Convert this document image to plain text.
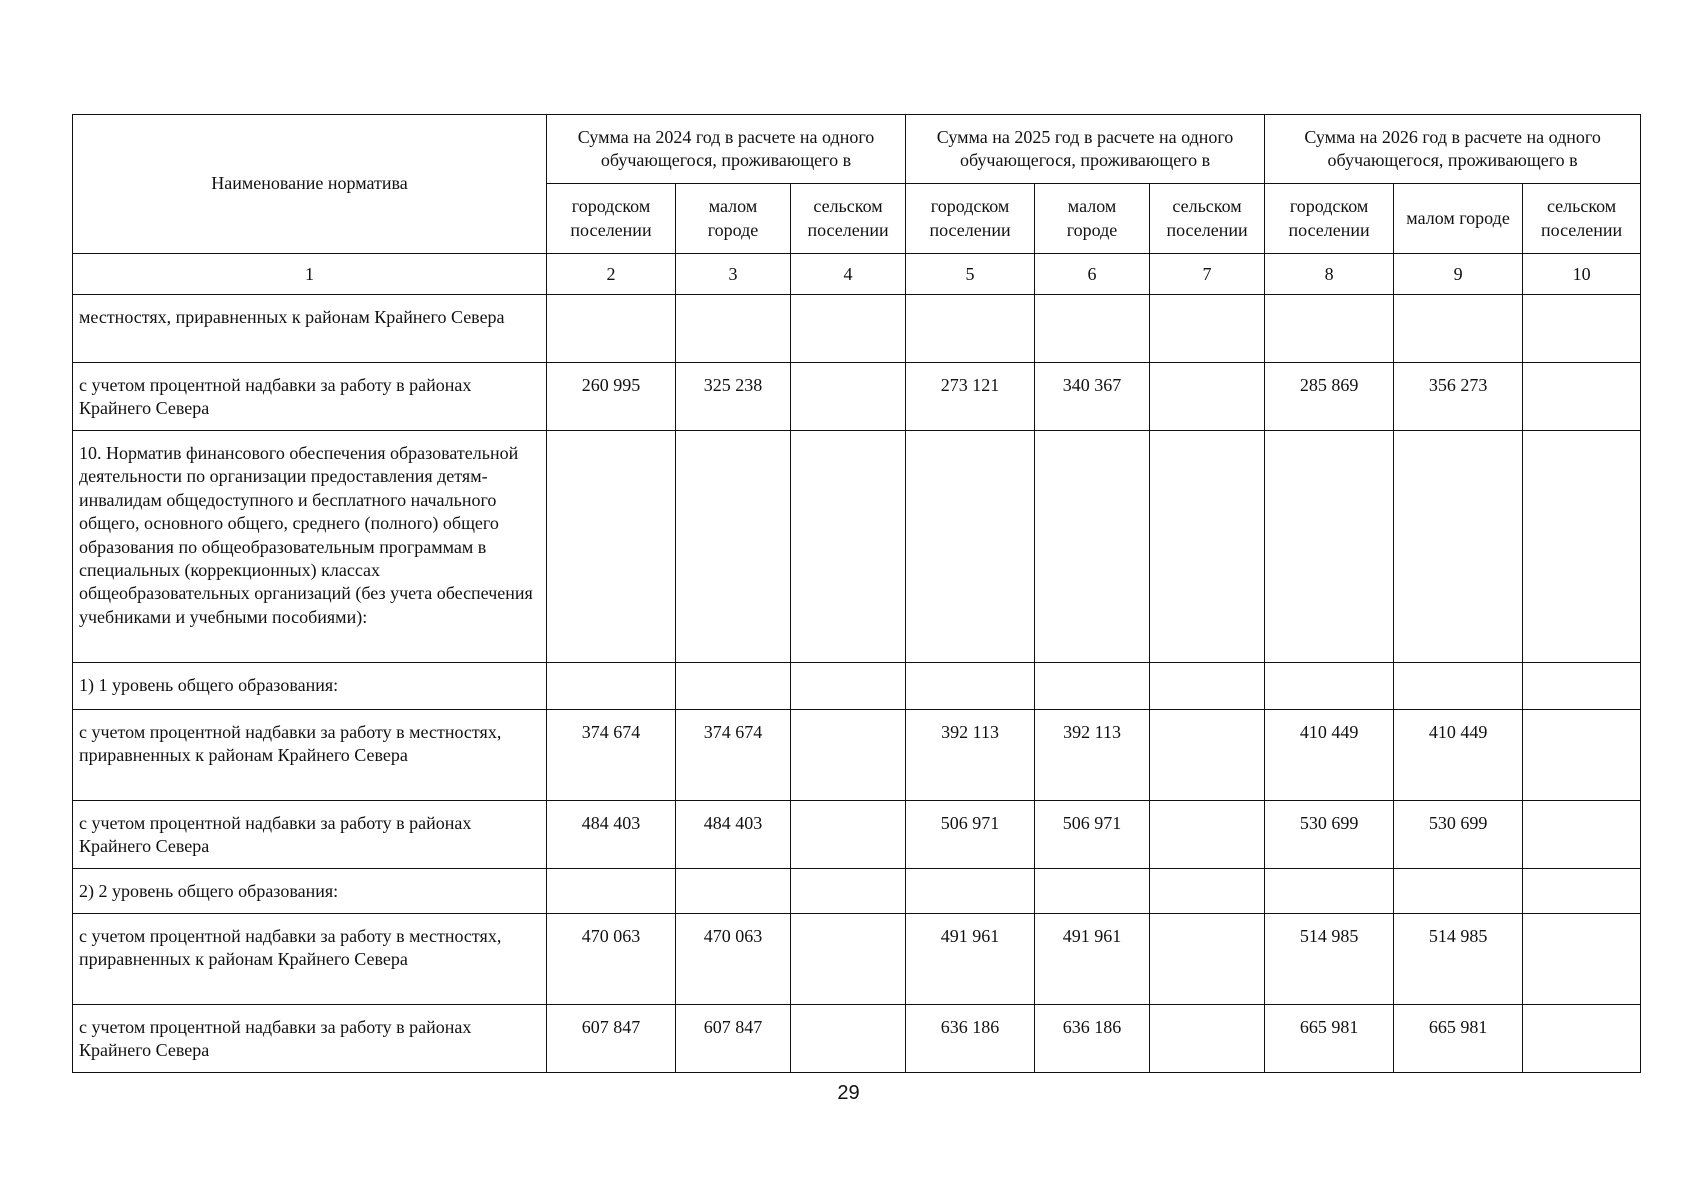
Наименование норматива	Сумма на 2024 год в расчете на одного обучающегося, проживающего в			Сумма на 2025 год в расчете на одного обучающегося, проживающего в			Сумма на 2026 год в расчете на одного обучающегося, проживающего в		
	городском поселении	малом городе	сельском поселении	городском поселении	малом городе	сельском поселении	городском поселении	малом городе	сельском поселении
1	2	3	4	5	6	7	8	9	10
местностях, приравненных к районам Крайнего Севера									
с учетом процентной надбавки за работу в районах Крайнего Севера	260 995	325 238		273 121	340 367		285 869	356 273	
10. Норматив финансового обеспечения образовательной деятельности по организации предоставления детям-инвалидам общедоступного и бесплатного начального общего, основного общего, среднего (полного) общего образования по общеобразовательным программам в специальных (коррекционных) классах общеобразовательных организаций (без учета обеспечения учебниками и учебными пособиями):									
1) 1 уровень общего образования:									
с учетом процентной надбавки за работу в местностях, приравненных к районам Крайнего Севера	374 674	374 674		392 113	392 113		410 449	410 449	
с учетом процентной надбавки за работу в районах Крайнего Севера	484 403	484 403		506 971	506 971		530 699	530 699	
2) 2 уровень общего образования:									
с учетом процентной надбавки за работу в местностях, приравненных к районам Крайнего Севера	470 063	470 063		491 961	491 961		514 985	514 985	
с учетом процентной надбавки за работу в районах Крайнего Севера	607 847	607 847		636 186	636 186		665 981	665 981	
29
